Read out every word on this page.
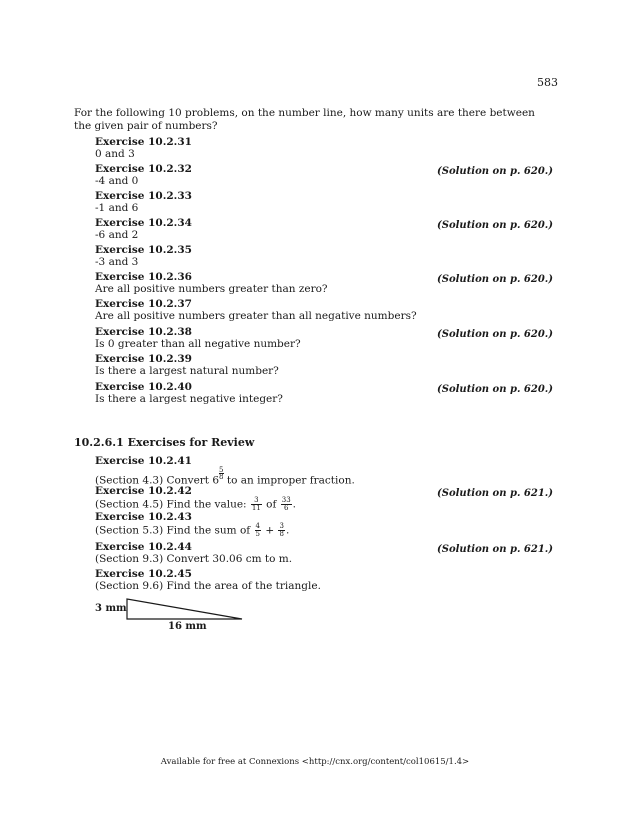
583
For the following 10 problems, on the number line, how many units are there between the given pair of numbers?
Exercise 10.2.31
0 and 3
Exercise 10.2.32
-4 and 0
(Solution on p. 620.)
Exercise 10.2.33
-1 and 6
Exercise 10.2.34
-6 and 2
(Solution on p. 620.)
Exercise 10.2.35
-3 and 3
Exercise 10.2.36
Are all positive numbers greater than zero?
(Solution on p. 620.)
Exercise 10.2.37
Are all positive numbers greater than all negative numbers?
Exercise 10.2.38
Is 0 greater than all negative number?
(Solution on p. 620.)
Exercise 10.2.39
Is there a largest natural number?
Exercise 10.2.40
Is there a largest negative integer?
(Solution on p. 620.)
10.2.6.1 Exercises for Review
Exercise 10.2.41
(Section 4.3) Convert 6
$\frac{5}{8}$
to an improper fraction.
Exercise 10.2.42
(Section 4.5) Find the value: $\frac{3}{11}$ of $\frac{33}{6}$ .
(Solution on p. 621.)
Exercise 10.2.43
(Section 5.3) Find the sum of $\frac{4}{5} + \frac{3}{8}$ .
Exercise 10.2.44
(Section 9.3) Convert 30.06 cm to m.
(Solution on p. 621.)
Exercise 10.2.45
(Section 9.6) Find the area of the triangle.
3 mm
16 mm
Available for free at Connexions <http://cnx.org/content/col10615/1.4>
